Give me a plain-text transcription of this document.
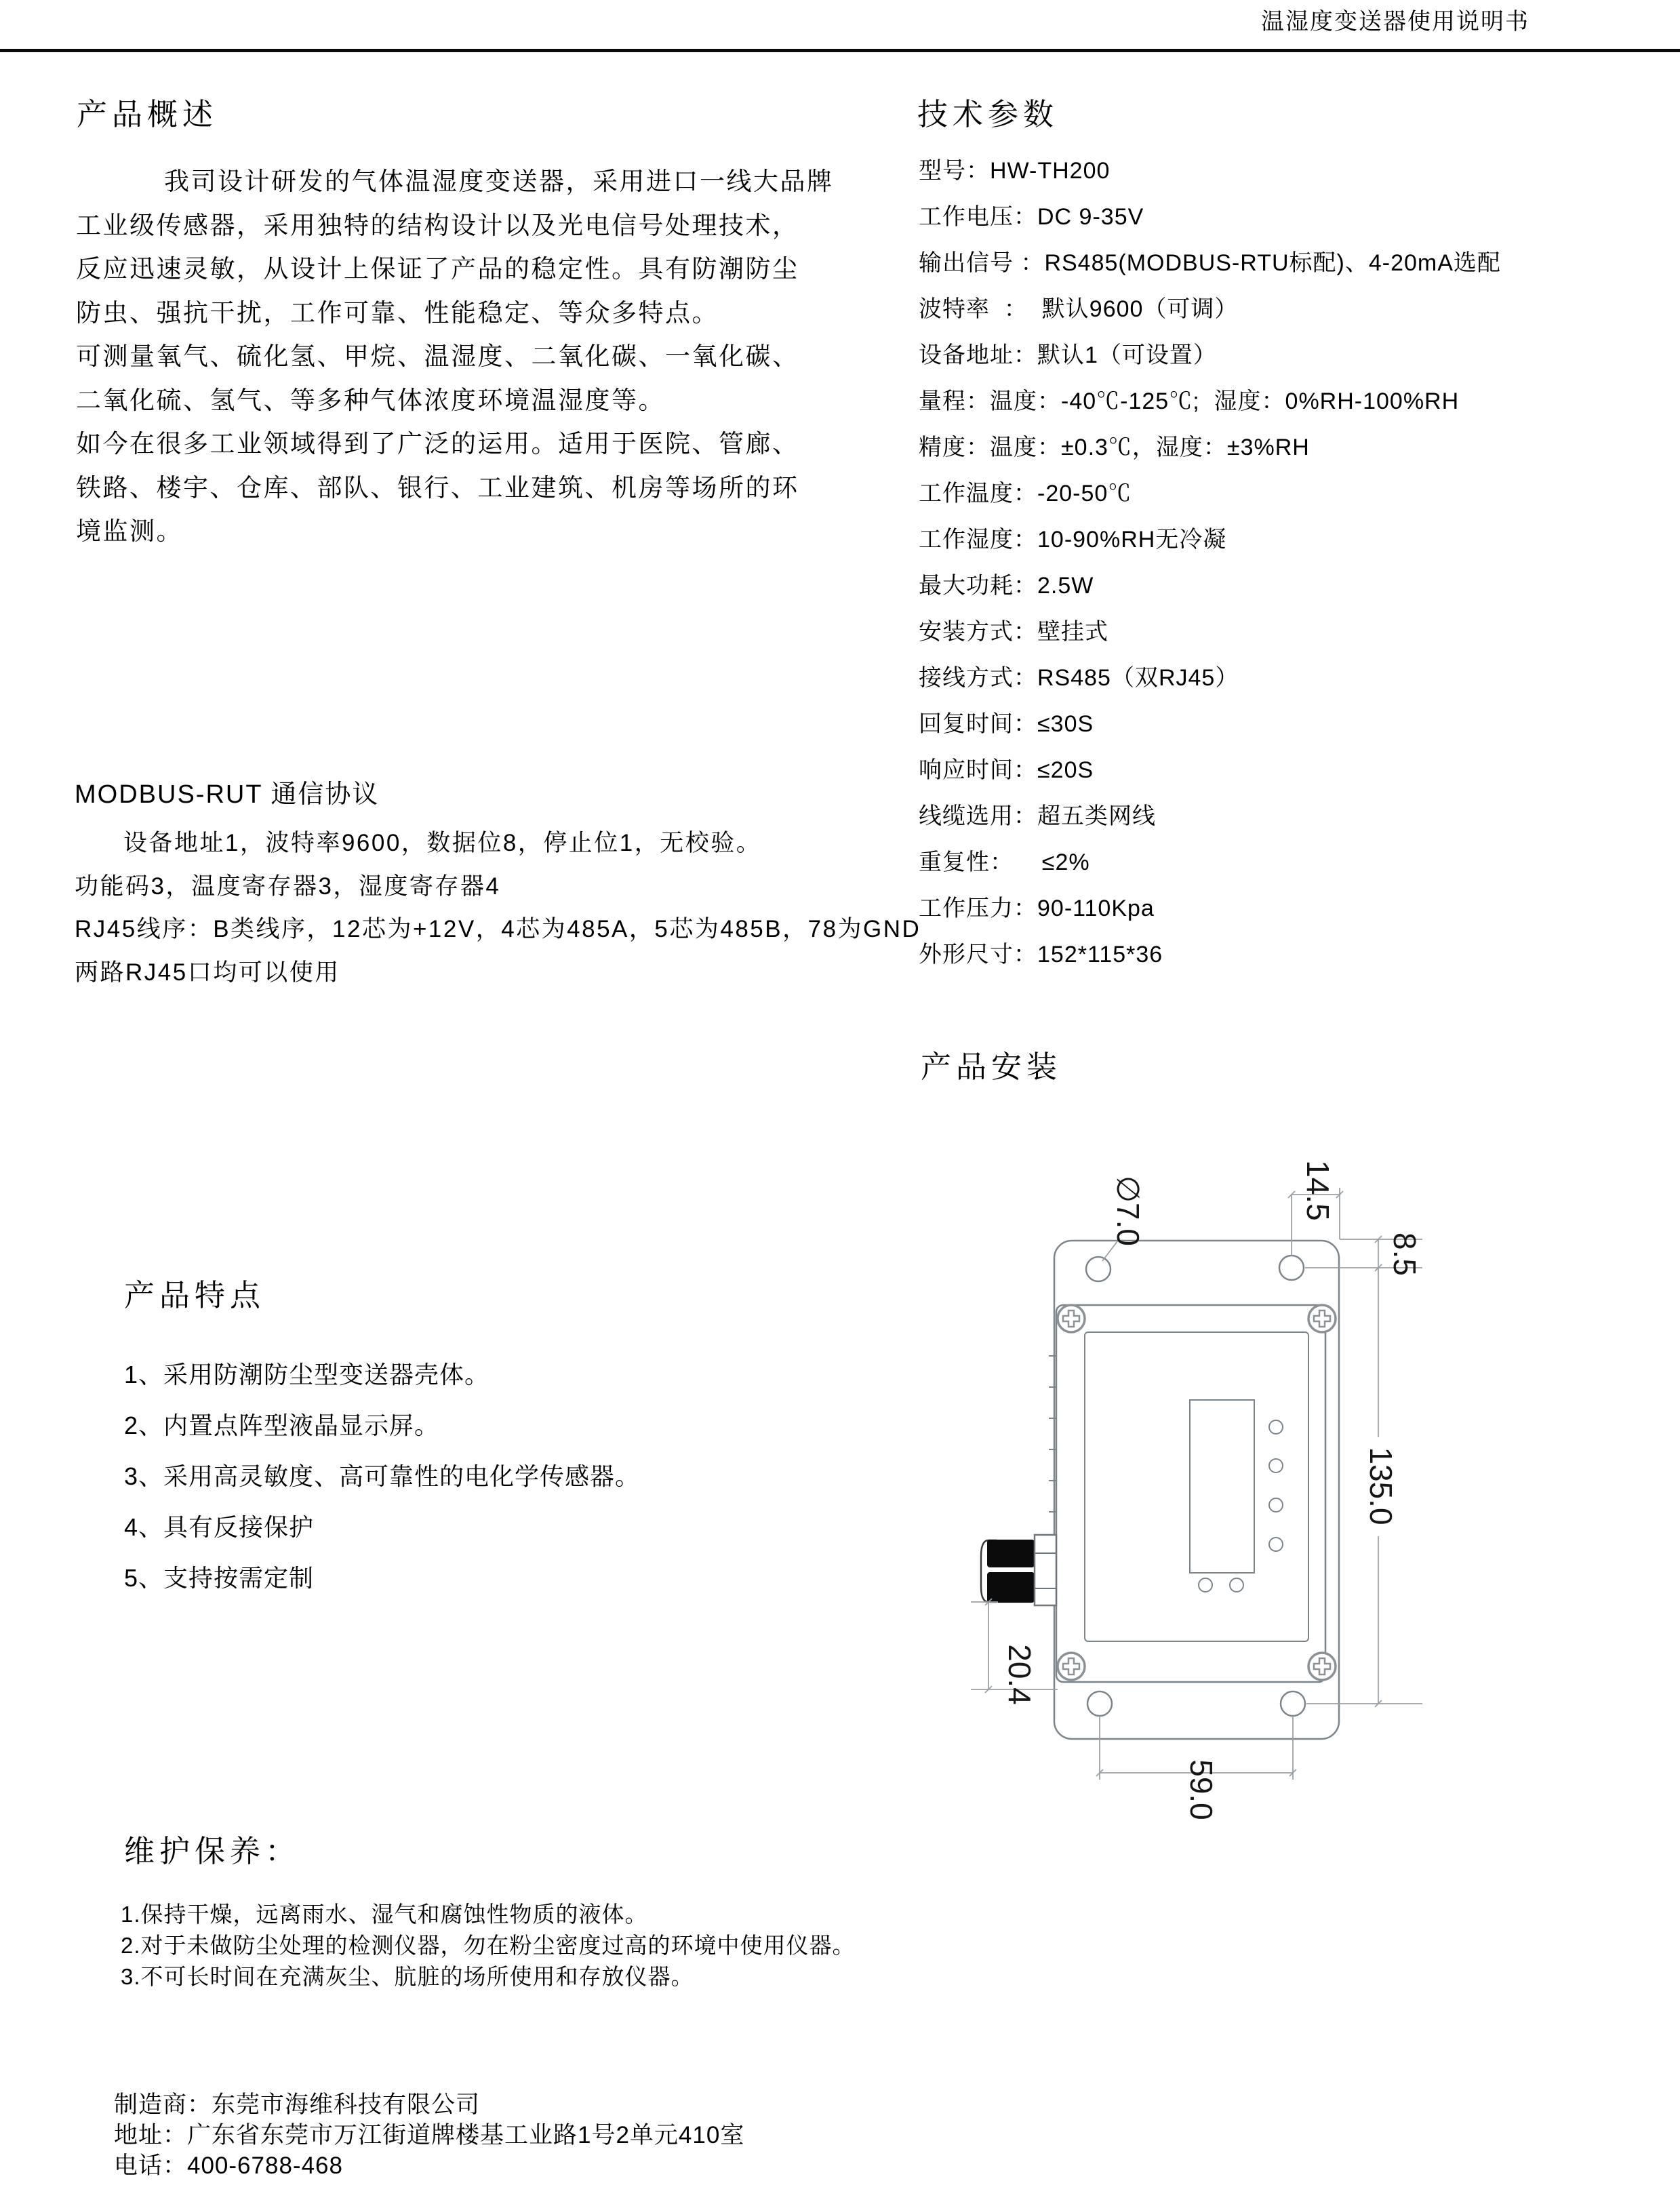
温湿度变送器使用说明书
产品概述
我司设计研发的气体温湿度变送器，采用进口一线大品牌
工业级传感器，采用独特的结构设计以及光电信号处理技术，
反应迅速灵敏，从设计上保证了产品的稳定性。具有防潮防尘
防虫、强抗干扰，工作可靠、性能稳定、等众多特点。
可测量氧气、硫化氢、甲烷、温湿度、二氧化碳、一氧化碳、
二氧化硫、氢气、等多种气体浓度环境温湿度等。
如今在很多工业领域得到了广泛的运用。适用于医院、管廊、
铁路、楼宇、仓库、部队、银行、工业建筑、机房等场所的环
境监测。
MODBUS-RUT 通信协议
设备地址1，波特率9600，数据位8，停止位1，无校验。
功能码3，温度寄存器3，湿度寄存器4
RJ45线序：B类线序，12芯为+12V，4芯为485A，5芯为485B，78为GND
两路RJ45口均可以使用
技术参数
型号：HW-TH200
工作电压：DC 9-35V
输出信号 ：RS485(MODBUS-RTU标配)、4-20mA选配
波特率  ：  默认9600（可调）
设备地址：默认1（可设置）
量程：温度：-40℃-125℃;  湿度：0%RH-100%RH
精度：温度：±0.3℃，湿度：±3%RH
工作温度：-20-50℃
工作湿度：10-90%RH无冷凝
最大功耗：2.5W
安装方式：壁挂式
接线方式：RS485（双RJ45）
回复时间：≤30S
响应时间：≤20S
线缆选用：超五类网线
重复性：    ≤2%
工作压力：90-110Kpa
外形尺寸：152*115*36
产品安装
∅7.0	14.5
8.5
135.0
20.4
59.0
产品特点
1、采用防潮防尘型变送器壳体。
2、内置点阵型液晶显示屏。
3、采用高灵敏度、高可靠性的电化学传感器。
4、具有反接保护
5、支持按需定制
维护保养：
1.保持干燥，远离雨水、湿气和腐蚀性物质的液体。
2.对于未做防尘处理的检测仪器，勿在粉尘密度过高的环境中使用仪器。
3.不可长时间在充满灰尘、肮脏的场所使用和存放仪器。
制造商：东莞市海维科技有限公司
地址：广东省东莞市万江街道牌楼基工业路1号2单元410室
电话：400-6788-468
